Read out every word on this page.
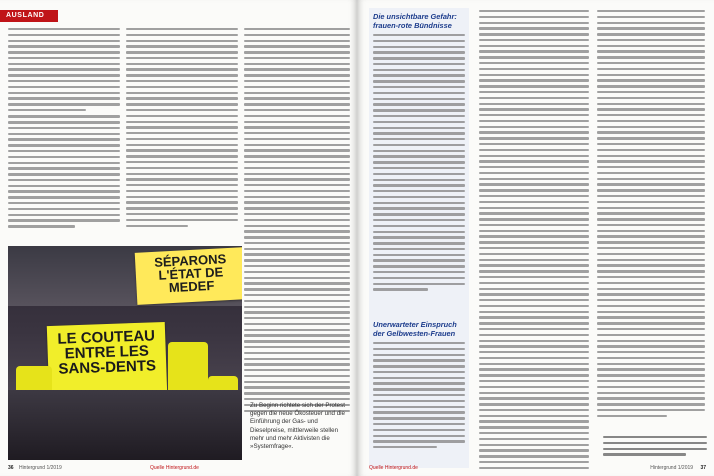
AUSLAND
SÉPARONS L'ÉTAT DE MEDEF
LE COUTEAU
ENTRE LES
SANS-DENTS
Zu Beginn richtete sich der Protest gegen die neue Ökosteuer und die Einführung der Gas- und Dieselpreise, mittlerweile stellen mehr und mehr Aktivisten die »Systemfrage«.
36 Hintergrund 1/2019	Quelle Hintergrund.de
Die unsichtbare Gefahr: frauen-rote Bündnisse
Unerwarteter Einspruch der Gelbwesten-Frauen
Quelle Hintergrund.de	Hintergrund 1/2019 37
